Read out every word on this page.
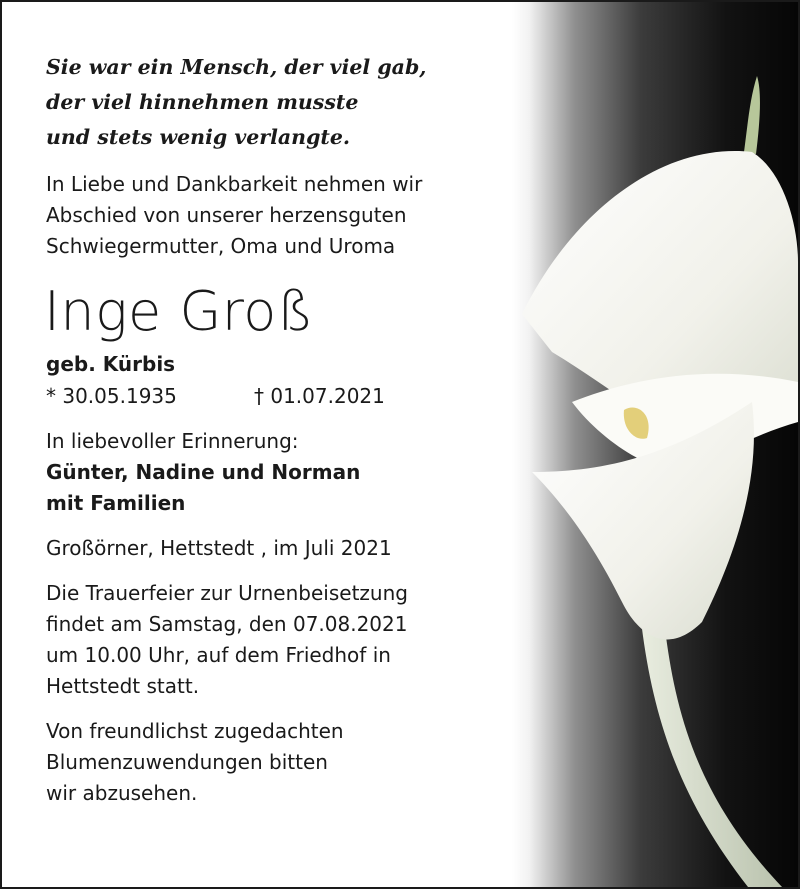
Sie war ein Mensch, der viel gab,
der viel hinnehmen musste
und stets wenig verlangte.
In Liebe und Dankbarkeit nehmen wir
Abschied von unserer herzensguten
Schwiegermutter, Oma und Uroma
Inge Groß
geb. Kürbis
* 30.05.1935	† 01.07.2021
In liebevoller Erinnerung:
Günter, Nadine und Norman
mit Familien
Großörner, Hettstedt , im Juli 2021
Die Trauerfeier zur Urnenbeisetzung
findet am Samstag, den 07.08.2021
um 10.00 Uhr, auf dem Friedhof in
Hettstedt statt.
Von freundlichst zugedachten
Blumenzuwendungen bitten
wir abzusehen.
